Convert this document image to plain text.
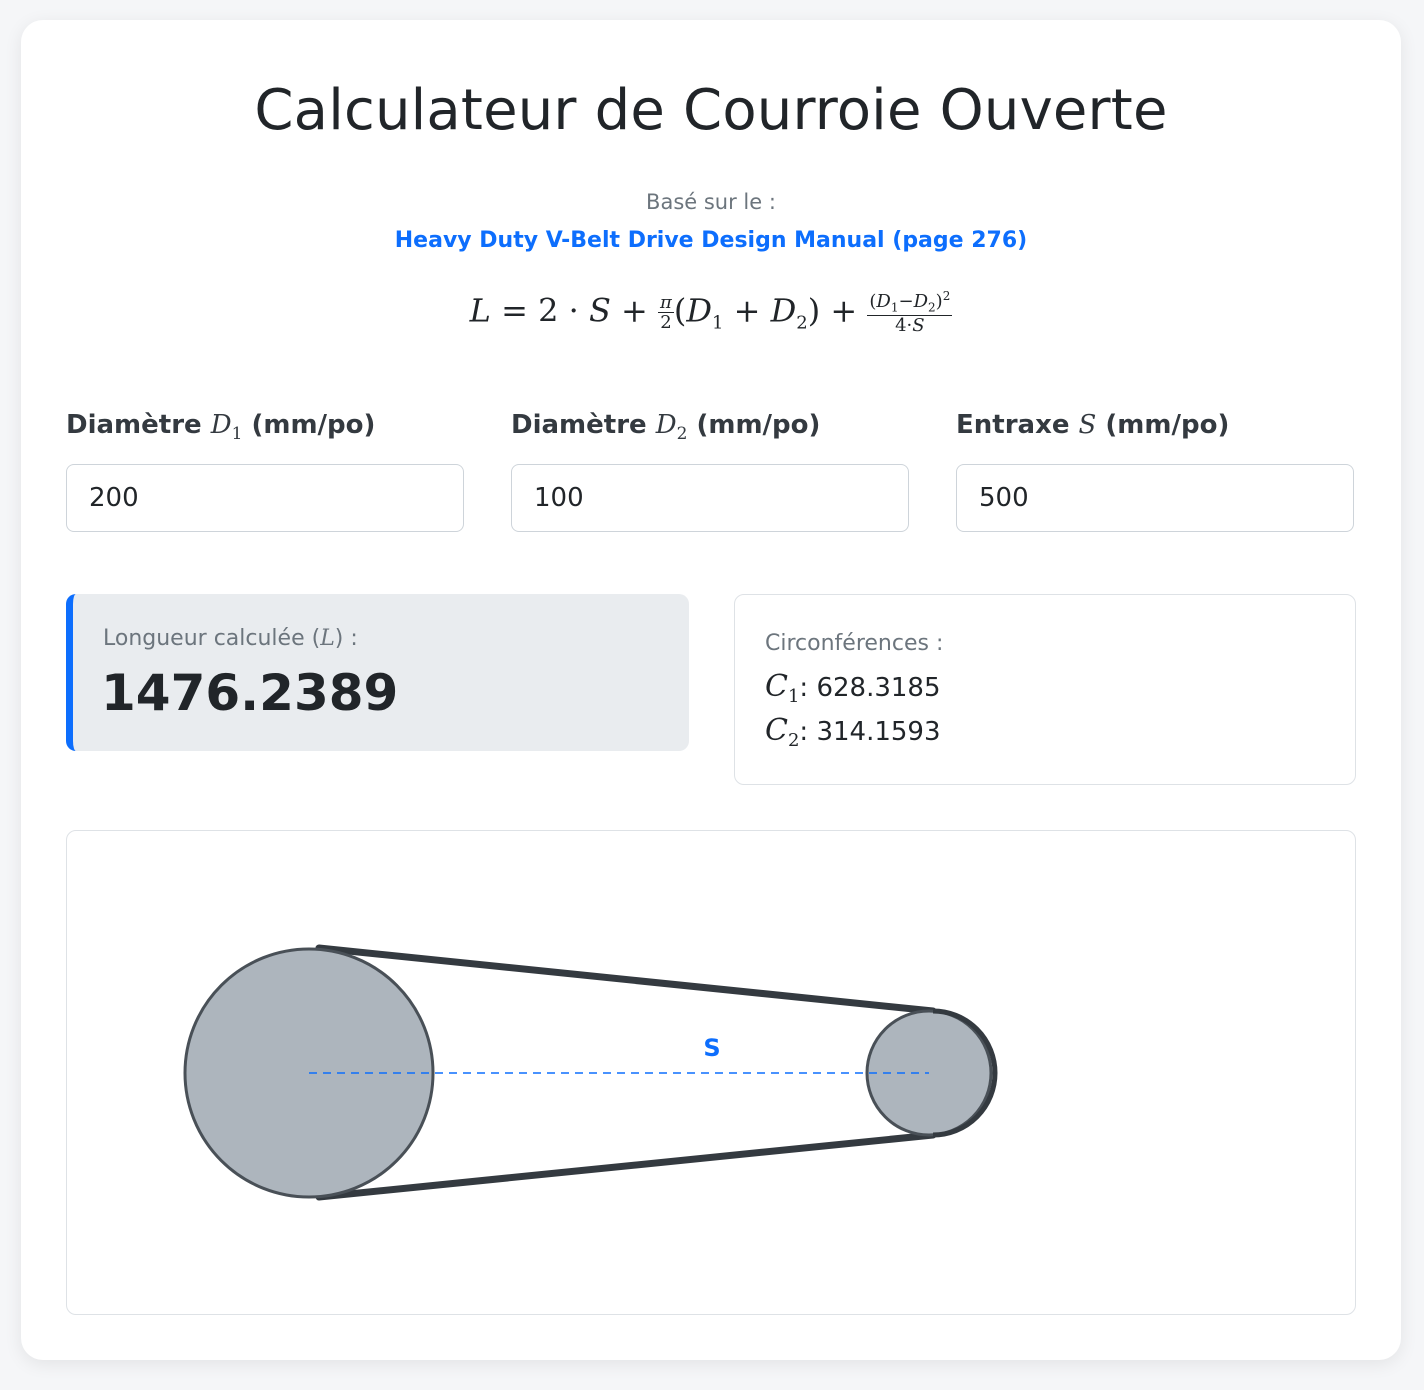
Calculateur de Courroie Ouverte
Basé sur le :
Heavy Duty V-Belt Drive Design Manual (page 276)
$L = 2 \cdot S + \frac{\pi}{2} (D_1 + D_2) + \frac{(D_1-D_2)^2}{4\cdot S}$
Diamètre $D_1$ (mm/po)
200	Diamètre $D_2$ (mm/po)
100	Entraxe S (mm/po)
500
Longueur calculée (L) :
1476.2389
Circonférences :
$C_1$: 628.3185
$C_2$: 314.1593
S
